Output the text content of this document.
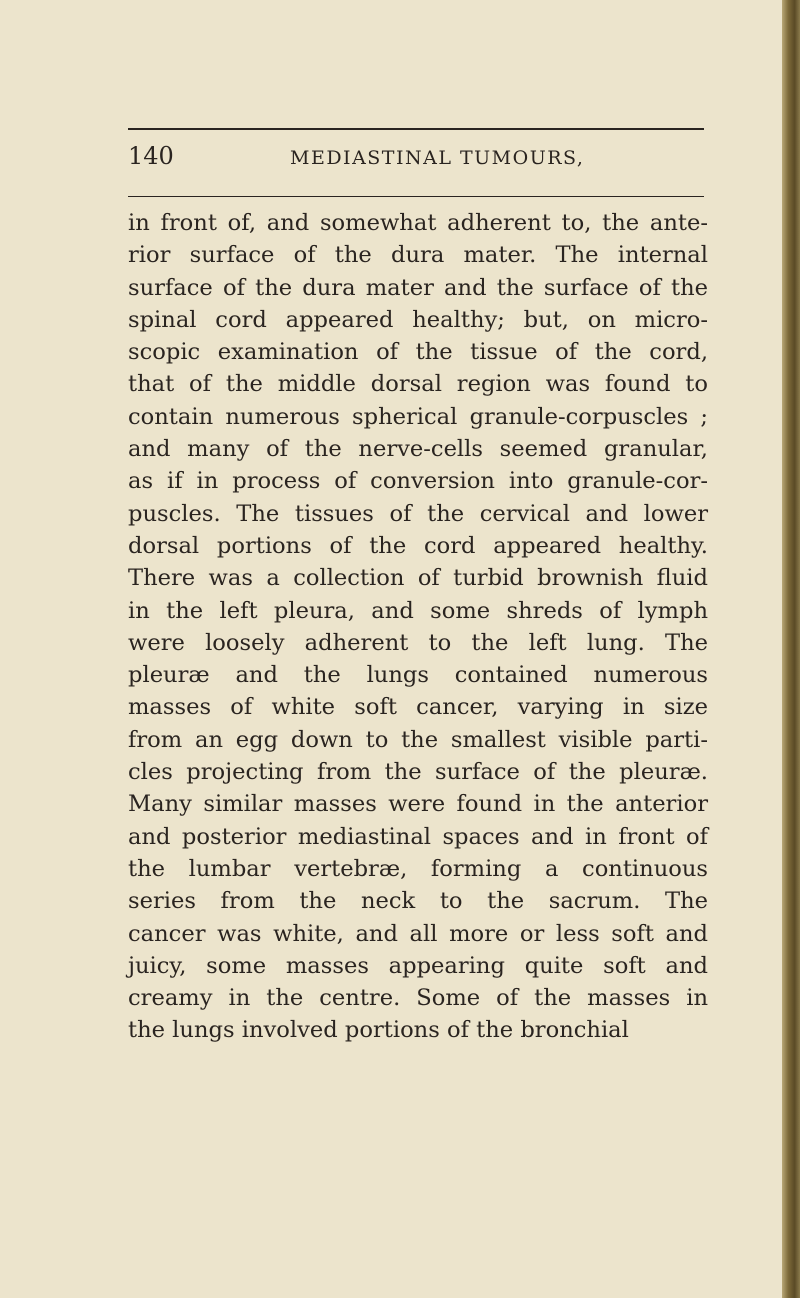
140	MEDIASTINAL TUMOURS,
in front of, and somewhat adherent to, the ante-
rior surface of the dura mater. The internal
surface of the dura mater and the surface of the
spinal cord appeared healthy; but, on micro-
scopic examination of the tissue of the cord,
that of the middle dorsal region was found to
contain numerous spherical granule-corpuscles ;
and many of the nerve-cells seemed granular,
as if in process of conversion into granule-cor-
puscles. The tissues of the cervical and lower
dorsal portions of the cord appeared healthy.
There was a collection of turbid brownish fluid
in the left pleura, and some shreds of lymph
were loosely adherent to the left lung. The
pleuræ and the lungs contained numerous
masses of white soft cancer, varying in size
from an egg down to the smallest visible parti-
cles projecting from the surface of the pleuræ.
Many similar masses were found in the anterior
and posterior mediastinal spaces and in front of
the lumbar vertebræ, forming a continuous
series from the neck to the sacrum. The
cancer was white, and all more or less soft and
juicy, some masses appearing quite soft and
creamy in the centre. Some of the masses in
the lungs involved portions of the bronchial
